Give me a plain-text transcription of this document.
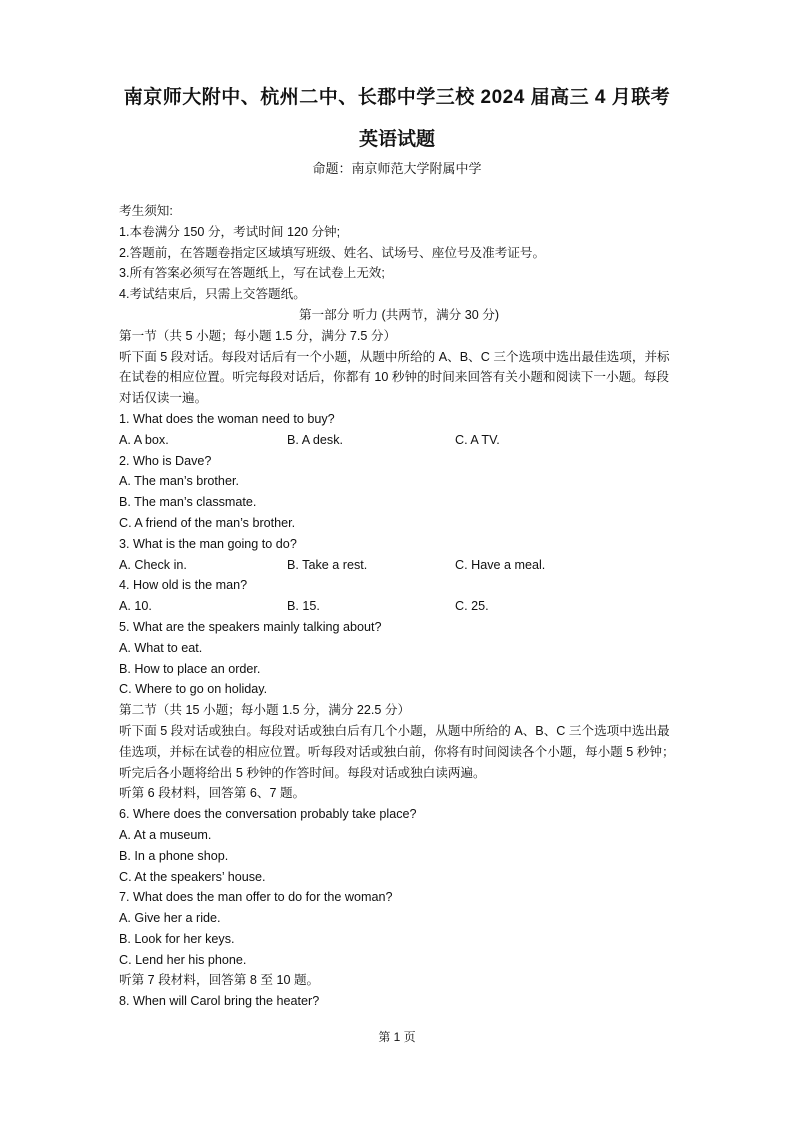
南京师大附中、杭州二中、长郡中学三校 2024 届高三 4 月联考
英语试题
命题：南京师范大学附属中学
考生须知:
1.本卷满分 150 分，考试时间 120 分钟;
2.答题前，在答题卷指定区域填写班级、姓名、试场号、座位号及准考证号。
3.所有答案必须写在答题纸上，写在试卷上无效;
4.考试结束后，只需上交答题纸。
第一部分 听力 (共两节，满分 30 分)
第一节（共 5 小题；每小题 1.5 分，满分 7.5 分）
听下面 5 段对话。每段对话后有一个小题，从题中所给的 A、B、C 三个选项中选出最佳选项，并标在试卷的相应位置。听完每段对话后，你都有 10 秒钟的时间来回答有关小题和阅读下一小题。每段对话仅读一遍。
1. What does the woman need to buy?
A. A box.	B. A desk.	C. A TV.
2. Who is Dave?
A. The man’s brother.
B. The man’s classmate.
C. A friend of the man’s brother.
3. What is the man going to do?
A. Check in.	B. Take a rest.	C. Have a meal.
4. How old is the man?
A. 10.	B. 15.	C. 25.
5. What are the speakers mainly talking about?
A. What to eat.
B. How to place an order.
C. Where to go on holiday.
第二节（共 15 小题；每小题 1.5 分，满分 22.5 分）
听下面 5 段对话或独白。每段对话或独白后有几个小题，从题中所给的 A、B、C 三个选项中选出最佳选项，并标在试卷的相应位置。听每段对话或独白前，你将有时间阅读各个小题，每小题 5 秒钟；听完后各小题将给出 5 秒钟的作答时间。每段对话或独白读两遍。
听第 6 段材料，回答第 6、7 题。
6. Where does the conversation probably take place?
A. At a museum.
B. In a phone shop.
C. At the speakers’ house.
7. What does the man offer to do for the woman?
A. Give her a ride.
B. Look for her keys.
C. Lend her his phone.
听第 7 段材料，回答第 8 至 10 题。
8. When will Carol bring the heater?
第 1 页
